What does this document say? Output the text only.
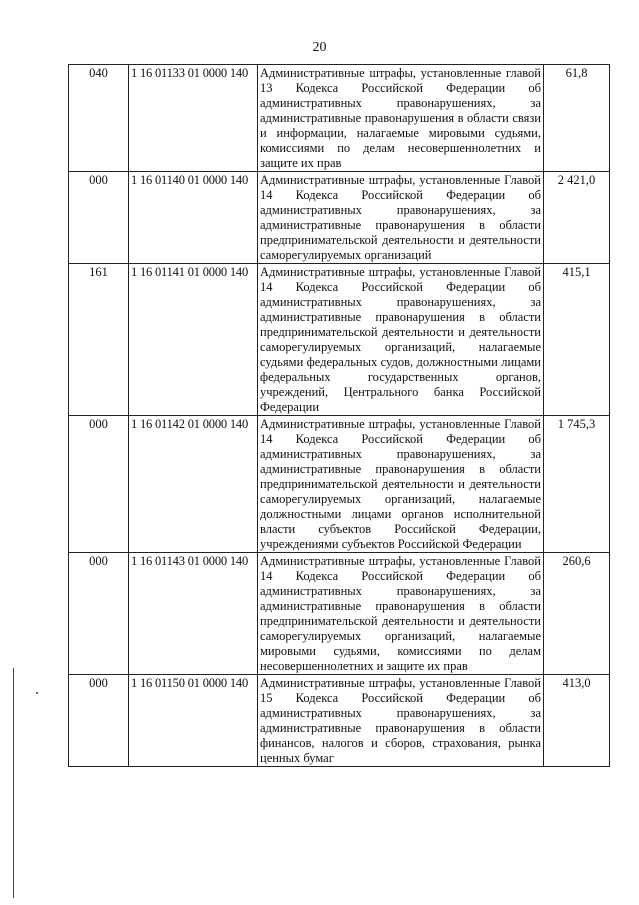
20
040	1 16 01133 01 0000 140	Административные штрафы, установленные главой 13 Кодекса Российской Федерации об административных правонарушениях, за административные правонарушения в области связи и информации, налагаемые мировыми судьями, комиссиями по делам несовершеннолетних и защите их прав	61,8
000	1 16 01140 01 0000 140	Административные штрафы, установленные Главой 14 Кодекса Российской Федерации об административных правонарушениях, за административные правонарушения в области предпринимательской деятельности и деятельности саморегулируемых организаций	2 421,0
161	1 16 01141 01 0000 140	Административные штрафы, установленные Главой 14 Кодекса Российской Федерации об административных правонарушениях, за административные правонарушения в области предпринимательской деятельности и деятельности саморегулируемых организаций, налагаемые судьями федеральных судов, должностными лицами федеральных государственных органов, учреждений, Центрального банка Российской Федерации	415,1
000	1 16 01142 01 0000 140	Административные штрафы, установленные Главой 14 Кодекса Российской Федерации об административных правонарушениях, за административные правонарушения в области предпринимательской деятельности и деятельности саморегулируемых организаций, налагаемые должностными лицами органов исполнительной власти субъектов Российской Федерации, учреждениями субъектов Российской Федерации	1 745,3
000	1 16 01143 01 0000 140	Административные штрафы, установленные Главой 14 Кодекса Российской Федерации об административных правонарушениях, за административные правонарушения в области предпринимательской деятельности и деятельности саморегулируемых организаций, налагаемые мировыми судьями, комиссиями по делам несовершеннолетних и защите их прав	260,6
000	1 16 01150 01 0000 140	Административные штрафы, установленные Главой 15 Кодекса Российской Федерации об административных правонарушениях, за административные правонарушения в области финансов, налогов и сборов, страхования, рынка ценных бумаг	413,0
